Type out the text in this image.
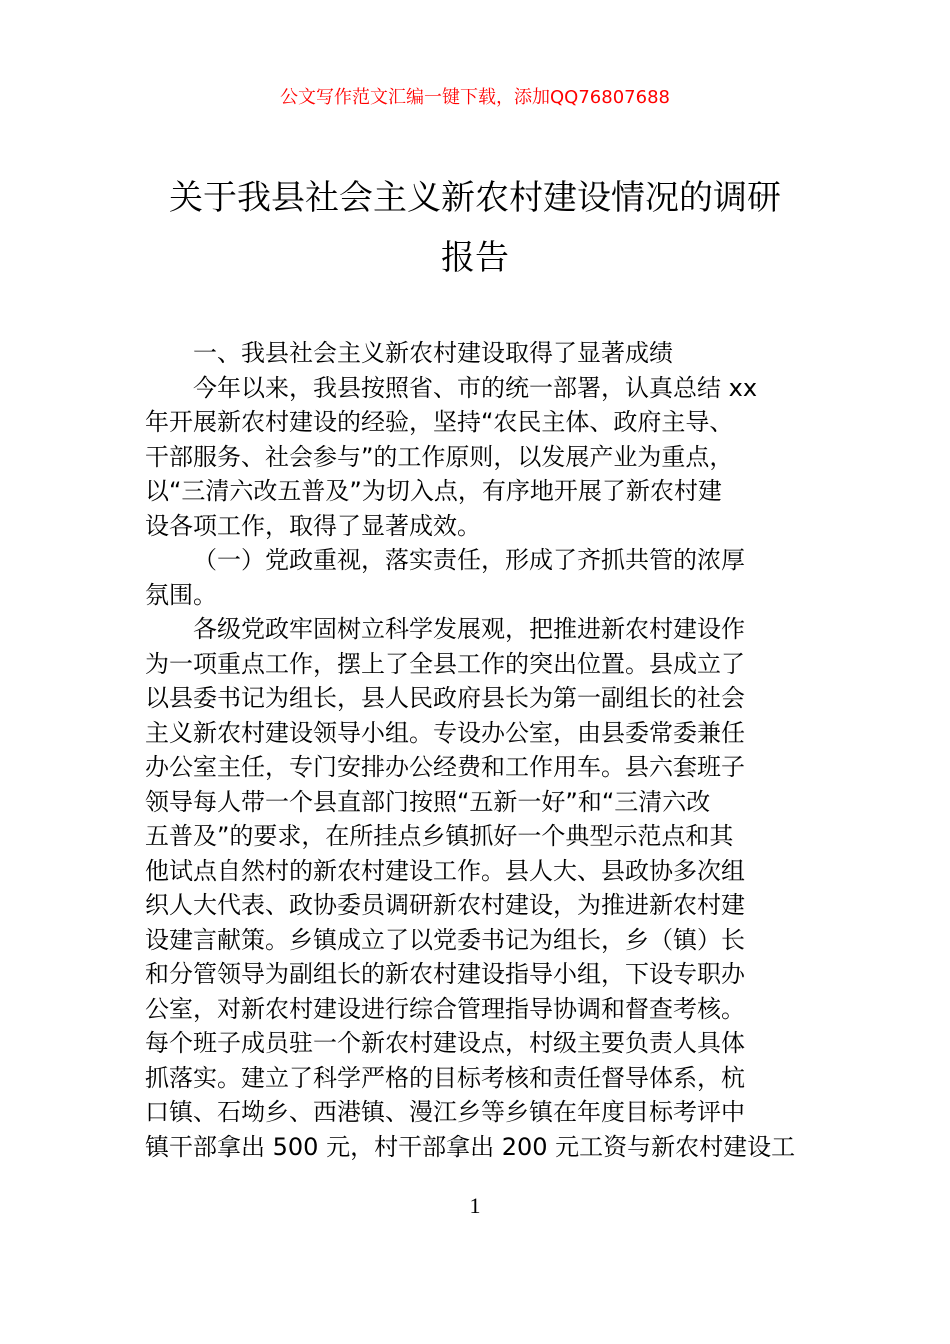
公文写作范文汇编一键下载，添加QQ76807688
关于我县社会主义新农村建设情况的调研
报告
一、我县社会主义新农村建设取得了显著成绩
今年以来，我县按照省、市的统一部署，认真总结 xx
年开展新农村建设的经验，坚持“农民主体、政府主导、
干部服务、社会参与”的工作原则，以发展产业为重点，
以“三清六改五普及”为切入点，有序地开展了新农村建
设各项工作，取得了显著成效。
（一）党政重视，落实责任，形成了齐抓共管的浓厚
氛围。
各级党政牢固树立科学发展观，把推进新农村建设作
为一项重点工作，摆上了全县工作的突出位置。县成立了
以县委书记为组长，县人民政府县长为第一副组长的社会
主义新农村建设领导小组。专设办公室，由县委常委兼任
办公室主任，专门安排办公经费和工作用车。县六套班子
领导每人带一个县直部门按照“五新一好”和“三清六改
五普及”的要求，在所挂点乡镇抓好一个典型示范点和其
他试点自然村的新农村建设工作。县人大、县政协多次组
织人大代表、政协委员调研新农村建设，为推进新农村建
设建言献策。乡镇成立了以党委书记为组长，乡（镇）长
和分管领导为副组长的新农村建设指导小组，下设专职办
公室，对新农村建设进行综合管理指导协调和督查考核。
每个班子成员驻一个新农村建设点，村级主要负责人具体
抓落实。建立了科学严格的目标考核和责任督导体系，杭
口镇、石坳乡、西港镇、漫江乡等乡镇在年度目标考评中
镇干部拿出 500 元，村干部拿出 200 元工资与新农村建设工
1
